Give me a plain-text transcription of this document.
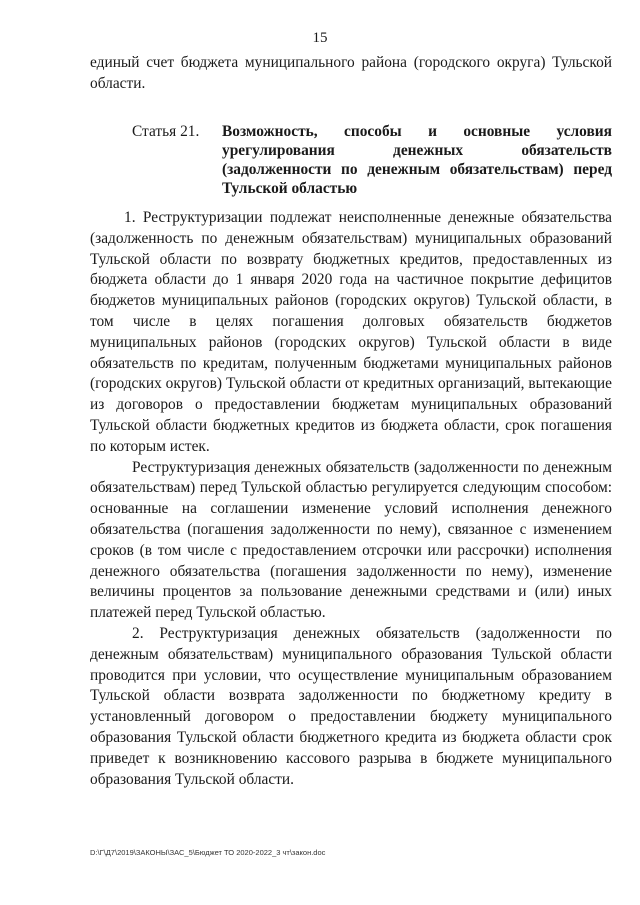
15

единый счет бюджета муниципального района (городского округа) Тульской области.

Статья 21.	Возможность, способы и основные условия урегулирования денежных обязательств (задолженности по денежным обязательствам) перед Тульской областью

1. Реструктуризации подлежат неисполненные денежные обязательства (задолженность по денежным обязательствам) муниципальных образований Тульской области по возврату бюджетных кредитов, предоставленных из бюджета области до 1 января 2020 года на частичное покрытие дефицитов бюджетов муниципальных районов (городских округов) Тульской области, в том числе в целях погашения долговых обязательств бюджетов муниципальных районов (городских округов) Тульской области в виде обязательств по кредитам, полученным бюджетами муниципальных районов (городских округов) Тульской области от кредитных организаций, вытекающие из договоров о предоставлении бюджетам муниципальных образований Тульской области бюджетных кредитов из бюджета области, срок погашения по которым истек.

Реструктуризация денежных обязательств (задолженности по денежным обязательствам) перед Тульской областью регулируется следующим способом: основанные на соглашении изменение условий исполнения денежного обязательства (погашения задолженности по нему), связанное с изменением сроков (в том числе с предоставлением отсрочки или рассрочки) исполнения денежного обязательства (погашения задолженности по нему), изменение величины процентов за пользование денежными средствами и (или) иных платежей перед Тульской областью.

2. Реструктуризация денежных обязательств (задолженности по денежным обязательствам) муниципального образования Тульской области проводится при условии, что осуществление муниципальным образованием Тульской области возврата задолженности по бюджетному кредиту в установленный договором о предоставлении бюджету муниципального образования Тульской области бюджетного кредита из бюджета области срок приведет к возникновению кассового разрыва в бюджете муниципального образования Тульской области.

D:\Г\Д7\2019\ЗАКОНЫ\ЗАС_5\Бюджет ТО 2020-2022_3 чт\закон.doc
